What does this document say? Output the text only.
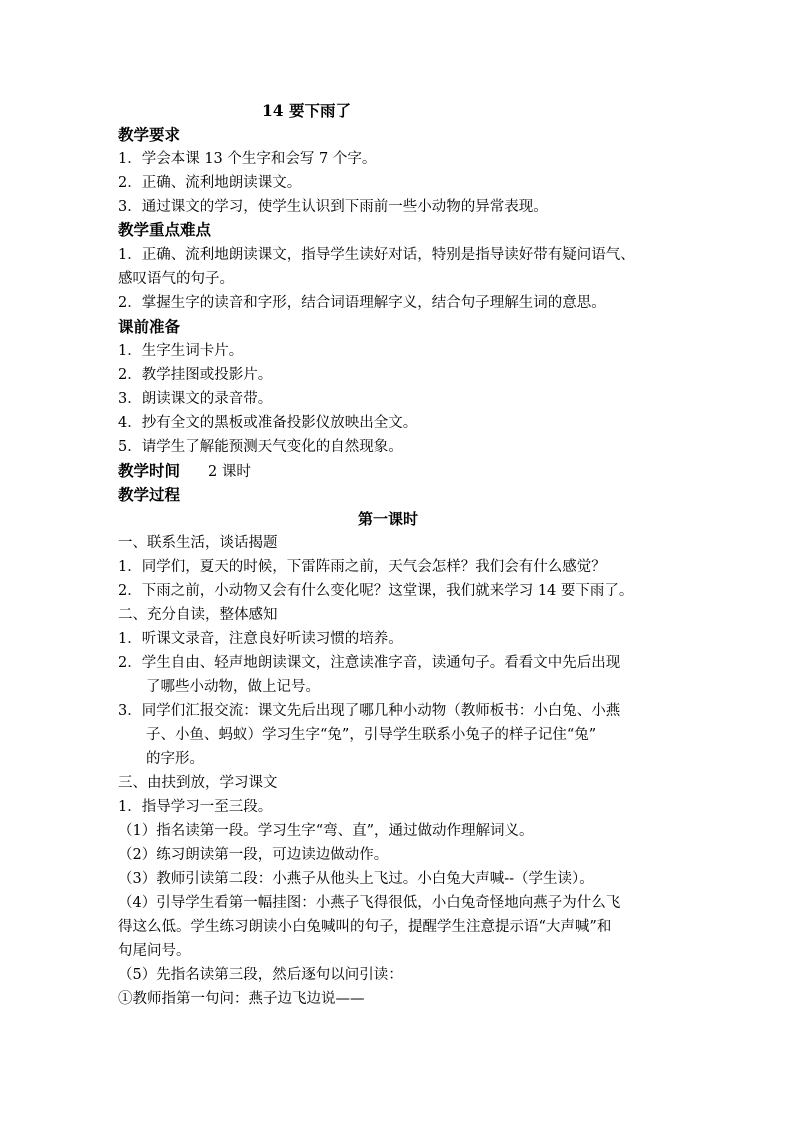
14 要下雨了
教学要求
1．学会本课 13 个生字和会写 7 个字。
2．正确、流利地朗读课文。
3．通过课文的学习，使学生认识到下雨前一些小动物的异常表现。
教学重点难点
1．正确、流利地朗读课文，指导学生读好对话，特别是指导读好带有疑问语气、
感叹语气的句子。
2．掌握生字的读音和字形，结合词语理解字义，结合句子理解生词的意思。
课前准备
1．生字生词卡片。
2．教学挂图或投影片。
3．朗读课文的录音带。
4．抄有全文的黑板或准备投影仪放映出全文。
5．请学生了解能预测天气变化的自然现象。
教学时间 2 课时
教学过程
第一课时
一、联系生活，谈话揭题
1．同学们，夏天的时候，下雷阵雨之前，天气会怎样？我们会有什么感觉？
2．下雨之前，小动物又会有什么变化呢？这堂课，我们就来学习 14 要下雨了。
二、充分自读，整体感知
1．听课文录音，注意良好听读习惯的培养。
2．学生自由、轻声地朗读课文，注意读准字音，读通句子。看看文中先后出现
了哪些小动物，做上记号。
3．同学们汇报交流：课文先后出现了哪几种小动物（教师板书：小白兔、小燕
子、小鱼、蚂蚁）学习生字“兔”，引导学生联系小兔子的样子记住“兔”
的字形。
三、由扶到放，学习课文
1．指导学习一至三段。
（1）指名读第一段。学习生字“弯、直”，通过做动作理解词义。
（2）练习朗读第一段，可边读边做动作。
（3）教师引读第二段：小燕子从他头上飞过。小白兔大声喊--（学生读）。
（4）引导学生看第一幅挂图：小燕子飞得很低，小白兔奇怪地向燕子为什么飞
得这么低。学生练习朗读小白兔喊叫的句子，提醒学生注意提示语“大声喊”和
句尾问号。
（5）先指名读第三段，然后逐句以问引读：
①教师指第一句问：燕子边飞边说——
